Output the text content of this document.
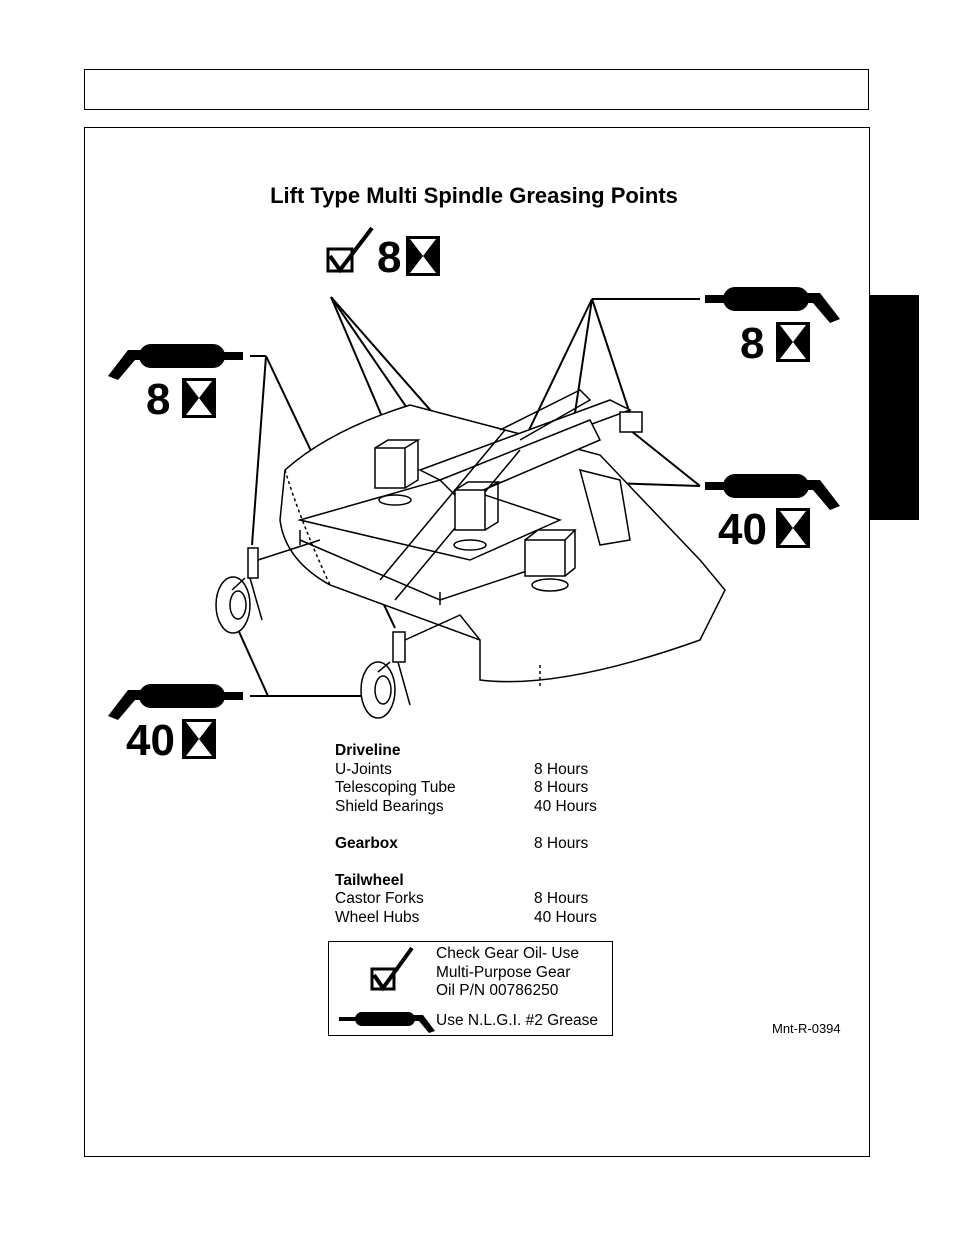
Lift Type Multi Spindle Greasing Points
8
8
40
8
40
Driveline
U-Joints	8 Hours
Telescoping Tube	8 Hours
Shield Bearings	40 Hours
Gearbox	8 Hours
Tailwheel
Castor Forks	8 Hours
Wheel Hubs	40 Hours
Check Gear Oil- Use
Multi-Purpose Gear
Oil P/N 00786250
Use N.L.G.I. #2 Grease	Mnt-R-0394
